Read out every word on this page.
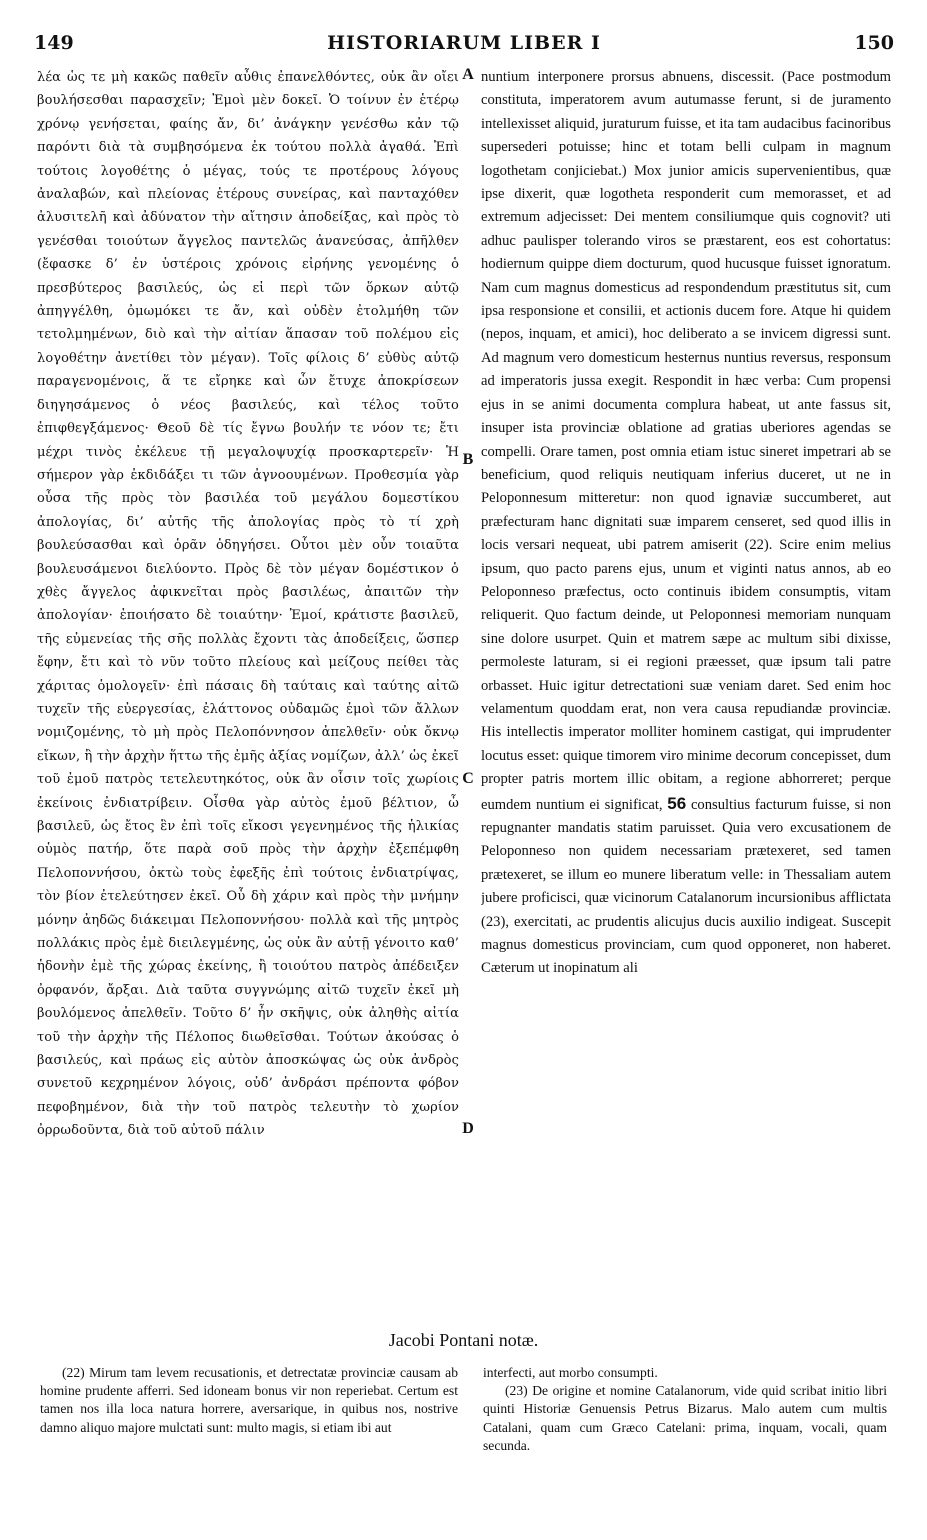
149	HISTORIARUM LIBER I	150

λέα ὡς τε μὴ κακῶς παθεῖν αὖθις ἐπανελθόντες, οὐκ ἂν οἴει βουλήσεσθαι παρασχεῖν; Ἐμοὶ μὲν δοκεῖ. Ὁ τοίνυν ἐν ἑτέρῳ χρόνῳ γενήσεται, φαίης ἄν, δι’ ἀνάγκην γενέσθω κἀν τῷ παρόντι διὰ τὰ συμβησόμενα ἐκ τούτου πολλὰ ἀγαθά. Ἐπὶ τούτοις λογοθέτης ὁ μέγας, τούς τε προτέρους λόγους ἀναλαβών, καὶ πλείονας ἑτέρους συνείρας, καὶ πανταχόθεν ἀλυσιτελῆ καὶ ἀδύνατον τὴν αἴτησιν ἀποδείξας, καὶ πρὸς τὸ γενέσθαι τοιούτων ἄγγελος παντελῶς ἀνανεύσας, ἀπῆλθεν (ἔφασκε δ’ ἐν ὑστέροις χρόνοις εἰρήνης γενομένης ὁ πρεσβύτερος βασιλεύς, ὡς εἰ περὶ τῶν ὅρκων αὐτῷ ἀπηγγέλθη, ὀμωμόκει τε ἄν, καὶ οὐδὲν ἐτολμήθη τῶν τετολμημένων, διὸ καὶ τὴν αἰτίαν ἅπασαν τοῦ πολέμου εἰς λογοθέτην ἀνετίθει τὸν μέγαν). Τοῖς φίλοις δ’ εὐθὺς αὐτῷ παραγενομένοις, ἅ τε εἴρηκε καὶ ὧν ἔτυχε ἀποκρίσεων διηγησάμενος ὁ νέος βασιλεύς, καὶ τέλος τοῦτο ἐπιφθεγξάμενος· Θεοῦ δὲ τίς ἔγνω βουλήν τε νόον τε; ἔτι μέχρι τινὸς ἐκέλευε τῇ μεγαλοψυχίᾳ προσκαρτερεῖν· Ἡ σήμερον γὰρ ἐκδιδάξει τι τῶν ἀγνοουμένων. Προθεσμία γὰρ οὖσα τῆς πρὸς τὸν βασιλέα τοῦ μεγάλου δομεστίκου ἀπολογίας, δι’ αὐτῆς τῆς ἀπολογίας πρὸς τὸ τί χρὴ βουλεύσασθαι καὶ ὁρᾶν ὁδηγήσει. Οὗτοι μὲν οὖν τοιαῦτα βουλευσάμενοι διελύοντο. Πρὸς δὲ τὸν μέγαν δομέστικον ὁ χθὲς ἄγγελος ἀφικνεῖται πρὸς βασιλέως, ἀπαιτῶν τὴν ἀπολογίαν· ἐποιήσατο δὲ τοιαύτην· Ἐμοί, κράτιστε βασιλεῦ, τῆς εὐμενείας τῆς σῆς πολλὰς ἔχοντι τὰς ἀποδείξεις, ὥσπερ ἔφην, ἔτι καὶ τὸ νῦν τοῦτο πλείους καὶ μείζους πείθει τὰς χάριτας ὁμολογεῖν· ἐπὶ πάσαις δὴ ταύταις καὶ ταύτης αἰτῶ τυχεῖν τῆς εὐεργεσίας, ἐλάττονος οὐδαμῶς ἐμοὶ τῶν ἄλλων νομιζομένης, τὸ μὴ πρὸς Πελοπόννησον ἀπελθεῖν· οὐκ ὄκνῳ εἴκων, ἢ τὴν ἀρχὴν ἥττω τῆς ἐμῆς ἀξίας νομίζων, ἀλλ’ ὡς ἐκεῖ τοῦ ἐμοῦ πατρὸς τετελευτηκότος, οὐκ ἂν οἷσιν τοῖς χωρίοις ἐκείνοις ἐνδιατρίβειν. Οἶσθα γὰρ αὐτὸς ἐμοῦ βέλτιον, ὦ βασιλεῦ, ὡς ἔτος ἓν ἐπὶ τοῖς εἴκοσι γεγενημένος τῆς ἡλικίας οὑμὸς πατήρ, ὅτε παρὰ σοῦ πρὸς τὴν ἀρχὴν ἐξεπέμφθη Πελοποννήσου, ὀκτὼ τοὺς ἐφεξῆς ἐπὶ τούτοις ἐνδιατρίψας, τὸν βίον ἐτελεύτησεν ἐκεῖ. Οὗ δὴ χάριν καὶ πρὸς τὴν μνήμην μόνην ἀηδῶς διάκειμαι Πελοποννήσου· πολλὰ καὶ τῆς μητρὸς πολλάκις πρὸς ἐμὲ διειλεγμένης, ὡς οὐκ ἂν αὐτῇ γένοιτο καθ’ ἡδονὴν ἐμὲ τῆς χώρας ἐκείνης, ἢ τοιούτου πατρὸς ἀπέδειξεν ὀρφανόν, ἄρξαι. Διὰ ταῦτα συγγνώμης αἰτῶ τυχεῖν ἐκεῖ μὴ βουλόμενος ἀπελθεῖν. Τοῦτο δ’ ἦν σκῆψις, οὐκ ἀληθὴς αἰτία τοῦ τὴν ἀρχὴν τῆς Πέλοπος διωθεῖσθαι. Τούτων ἀκούσας ὁ βασιλεύς, καὶ πράως εἰς αὐτὸν ἀποσκώψας ὡς οὐκ ἀνδρὸς συνετοῦ κεχρημένον λόγοις, οὐδ’ ἀνδράσι πρέποντα φόβον πεφοβημένον, διὰ τὴν τοῦ πατρὸς τελευτὴν τὸ χωρίον ὀρρωδοῦντα, διὰ τοῦ αὐτοῦ πάλιν

A
B
C
D

nuntium interponere prorsus abnuens, discessit. (Pace postmodum constituta, imperatorem avum autumasse ferunt, si de juramento intellexisset aliquid, juraturum fuisse, et ita tam audacibus facinoribus supersederi potuisse; hinc et totam belli culpam in magnum logothetam conjiciebat.) Mox junior amicis supervenientibus, quæ ipse dixerit, quæ logotheta responderit cum memorasset, et ad extremum adjecisset: Dei mentem consiliumque quis cognovit? uti adhuc paulisper tolerando viros se præstarent, eos est cohortatus: hodiernum quippe diem docturum, quod hucusque fuisset ignoratum. Nam cum magnus domesticus ad respondendum præstitutus sit, cum ipsa responsione et consilii, et actionis ducem fore. Atque hi quidem (nepos, inquam, et amici), hoc deliberato a se invicem digressi sunt. Ad magnum vero domesticum hesternus nuntius reversus, responsum ad imperatoris jussa exegit. Respondit in hæc verba: Cum propensi ejus in se animi documenta complura habeat, ut ante fassus sit, insuper ista provinciæ oblatione ad gratias uberiores agendas se compelli. Orare tamen, post omnia etiam istuc sineret impetrari ab se beneficium, quod reliquis neutiquam inferius duceret, ut ne in Peloponnesum mitteretur: non quod ignaviæ succumberet, aut præfecturam hanc dignitati suæ imparem censeret, sed quod illis in locis versari nequeat, ubi patrem amiserit (22). Scire enim melius ipsum, quo pacto parens ejus, unum et viginti natus annos, ab eo Peloponneso præfectus, octo continuis ibidem consumptis, vitam reliquerit. Quo factum deinde, ut Peloponnesi memoriam nunquam sine dolore usurpet. Quin et matrem sæpe ac multum sibi dixisse, permoleste laturam, si ei regioni præesset, quæ ipsum tali patre orbasset. Huic igitur detrectationi suæ veniam daret. Sed enim hoc velamentum quoddam erat, non vera causa repudiandæ provinciæ. His intellectis imperator molliter hominem castigat, qui imprudenter locutus esset: quique timorem viro minime decorum concepisset, dum propter patris mortem illic obitam, a regione abhorreret; perque eumdem nuntium ei significat, 56 consultius facturum fuisse, si non repugnanter mandatis statim paruisset. Quia vero excusationem de Peloponneso non quidem necessariam prætexeret, sed tamen prætexeret, se illum eo munere liberatum velle: in Thessaliam autem jubere proficisci, quæ vicinorum Catalanorum incursionibus afflictata (23), exercitati, ac prudentis alicujus ducis auxilio indigeat. Suscepit magnus domesticus provinciam, cum quod opponeret, non haberet. Cæterum ut inopinatum ali

Jacobi Pontani notæ.

(22) Mirum tam levem recusationis, et detrectatæ provinciæ causam ab homine prudente afferri. Sed idoneam bonus vir non reperiebat. Certum est tamen nos illa loca natura horrere, aversarique, in quibus nos, nostrive damno aliquo majore mulctati sunt: multo magis, si etiam ibi aut

interfecti, aut morbo consumpti.

(23) De origine et nomine Catalanorum, vide quid scribat initio libri quinti Historiæ Genuensis Petrus Bizarus. Malo autem cum multis Catalani, quam cum Græco Catelani: prima, inquam, vocali, quam secunda.
